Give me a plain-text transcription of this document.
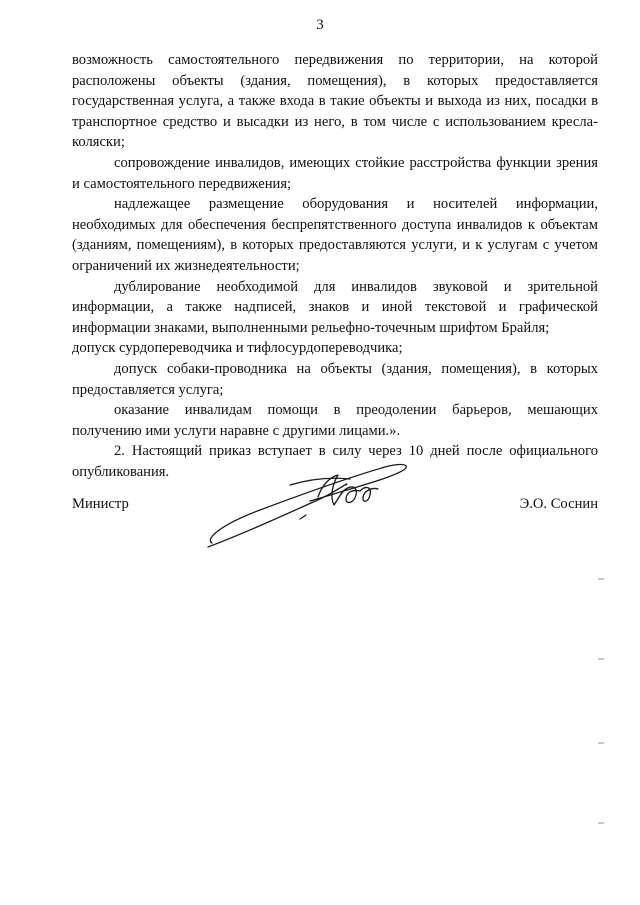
3

возможность самостоятельного передвижения по территории, на которой расположены объекты (здания, помещения), в которых предоставляется государственная услуга, а также входа в такие объекты и выхода из них, посадки в транспортное средство и высадки из него, в том числе с использованием кресла- коляски;

сопровождение инвалидов, имеющих стойкие расстройства функции зрения и самостоятельного передвижения;

надлежащее размещение оборудования и носителей информации, необходимых для обеспечения беспрепятственного доступа инвалидов к объектам (зданиям, помещениям), в которых предоставляются услуги, и к услугам с учетом ограничений их жизнедеятельности;

дублирование необходимой для инвалидов звуковой и зрительной информации, а также надписей, знаков и иной текстовой и графической информации знаками, выполненными рельефно-точечным шрифтом Брайля;

допуск сурдопереводчика и тифлосурдопереводчика;

допуск собаки-проводника на объекты (здания, помещения), в которых предоставляется услуга;

оказание инвалидам помощи в преодолении барьеров, мешающих получению ими услуги наравне с другими лицами.».

2. Настоящий приказ вступает в силу через 10 дней после официального опубликования.

Министр	Э.О. Соснин
